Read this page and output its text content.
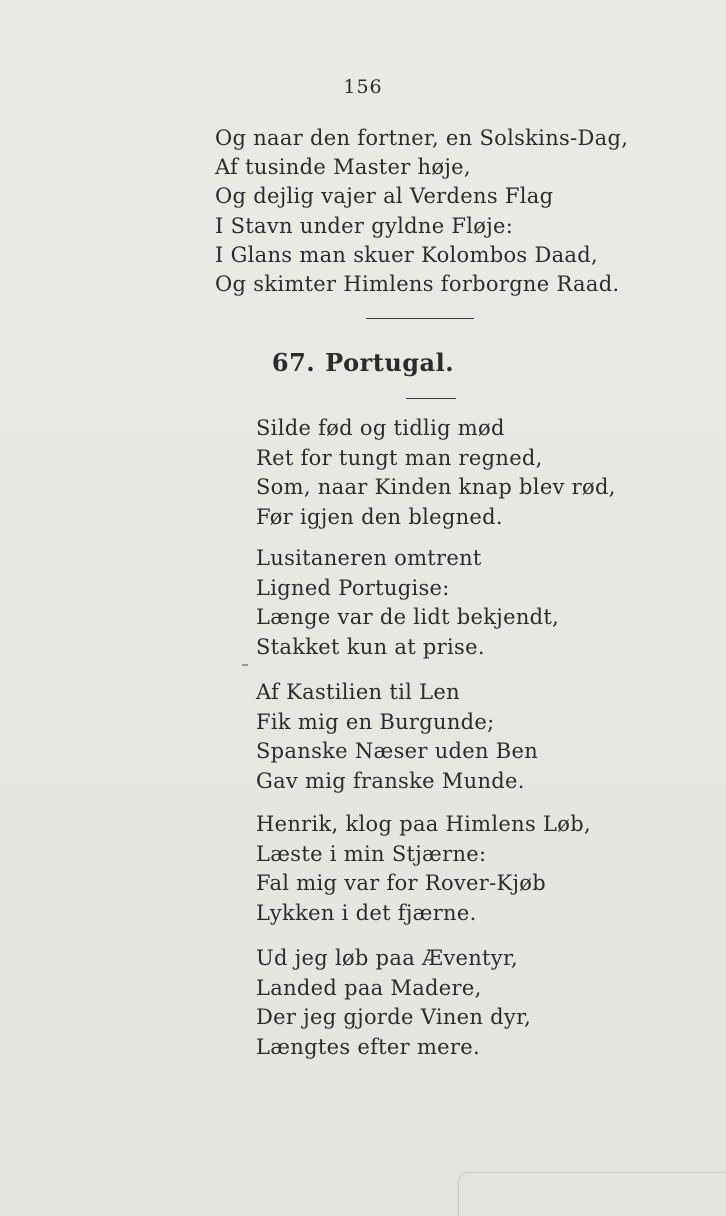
156
Og naar den fortner, en Solskins-Dag,
Af tusinde Master høje,
Og dejlig vajer al Verdens Flag
I Stavn under gyldne Fløje:
I Glans man skuer Kolombos Daad,
Og skimter Himlens forborgne Raad.
67. Portugal.
Silde fød og tidlig mød
Ret for tungt man regned,
Som, naar Kinden knap blev rød,
Før igjen den blegned.
Lusitaneren omtrent
Ligned Portugise:
Længe var de lidt bekjendt,
Stakket kun at prise.
Af Kastilien til Len
Fik mig en Burgunde;
Spanske Næser uden Ben
Gav mig franske Munde.
Henrik, klog paa Himlens Løb,
Læste i min Stjærne:
Fal mig var for Rover-Kjøb
Lykken i det fjærne.
Ud jeg løb paa Æventyr,
Landed paa Madere,
Der jeg gjorde Vinen dyr,
Længtes efter mere.
